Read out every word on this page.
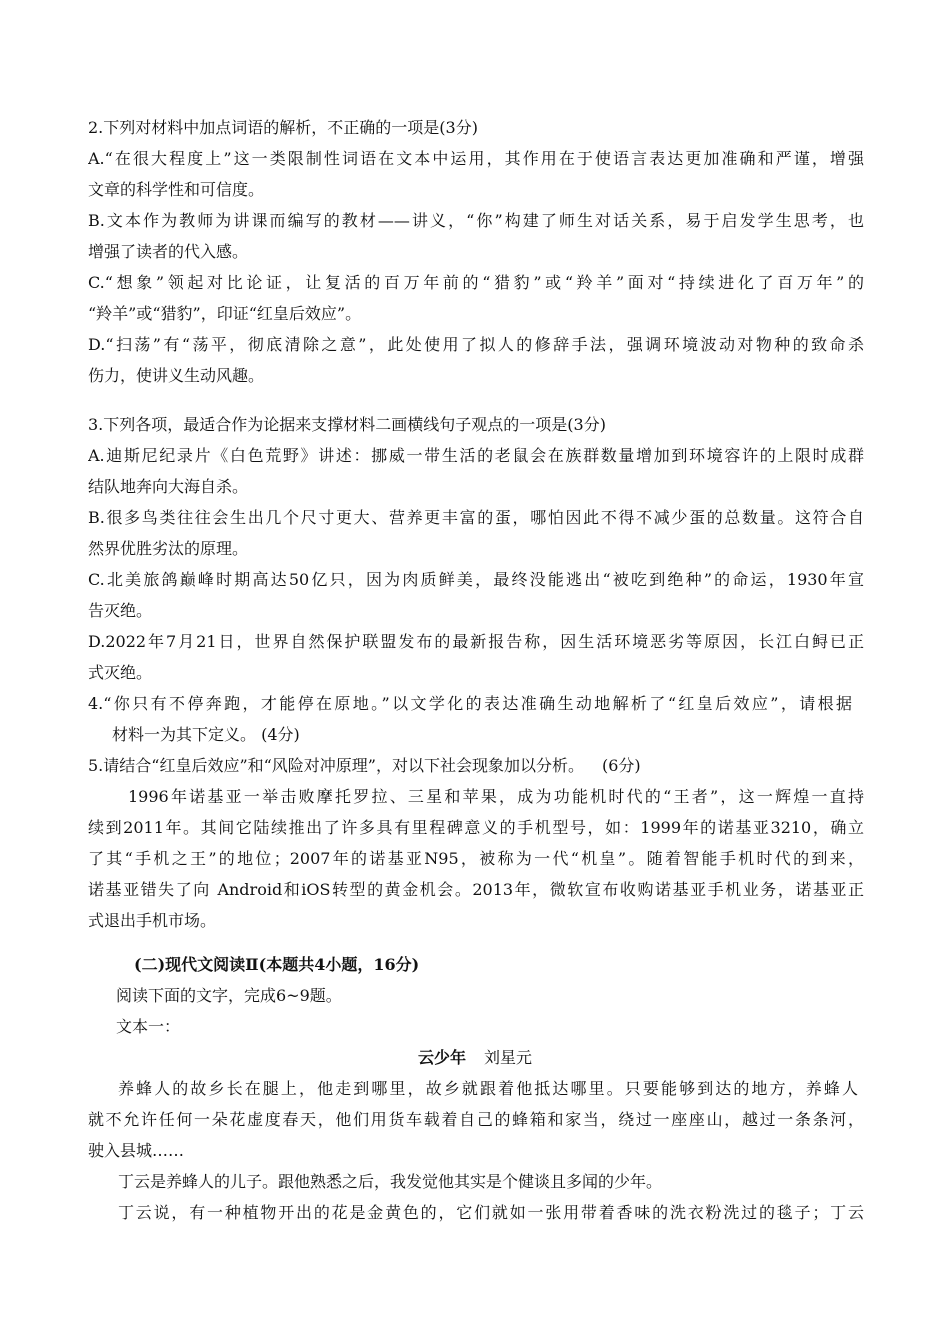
2.下列对材料中加点词语的解析，不正确的一项是(3分)
A.“在很大程度上”这一类限制性词语在文本中运用，其作用在于使语言表达更加准确和严谨，增强
文章的科学性和可信度。
B.文本作为教师为讲课而编写的教材——讲义，“你”构建了师生对话关系，易于启发学生思考，也
增强了读者的代入感。
C.“想象”领起对比论证，让复活的百万年前的“猎豹”或“羚羊”面对“持续进化了百万年”的
“羚羊”或“猎豹”，印证“红皇后效应”。
D.“扫荡”有“荡平，彻底清除之意”，此处使用了拟人的修辞手法，强调环境波动对物种的致命杀
伤力，使讲义生动风趣。
3.下列各项，最适合作为论据来支撑材料二画横线句子观点的一项是(3分)
A.迪斯尼纪录片《白色荒野》讲述：挪威一带生活的老鼠会在族群数量增加到环境容许的上限时成群
结队地奔向大海自杀。
B.很多鸟类往往会生出几个尺寸更大、营养更丰富的蛋，哪怕因此不得不减少蛋的总数量。这符合自
然界优胜劣汰的原理。
C.北美旅鸽巅峰时期高达50亿只，因为肉质鲜美，最终没能逃出“被吃到绝种”的命运，1930年宣
告灭绝。
D.2022年7月21日，世界自然保护联盟发布的最新报告称，因生活环境恶劣等原因，长江白鲟已正
式灭绝。
4.“你只有不停奔跑，才能停在原地。”以文学化的表达准确生动地解析了“红皇后效应”，请根据
材料一为其下定义。 (4分)
5.请结合“红皇后效应”和“风险对冲原理”，对以下社会现象加以分析。 (6分)
1996年诺基亚一举击败摩托罗拉、三星和苹果，成为功能机时代的“王者”，这一辉煌一直持
续到2011年。其间它陆续推出了许多具有里程碑意义的手机型号，如：1999年的诺基亚3210，确立
了其“手机之王”的地位；2007年的诺基亚N95，被称为一代“机皇”。随着智能手机时代的到来，
诺基亚错失了向 Android和iOS转型的黄金机会。2013年，微软宣布收购诺基亚手机业务，诺基亚正
式退出手机市场。
(二)现代文阅读Ⅱ(本题共4小题，16分)
阅读下面的文字，完成6~9题。
文本一：
云少年 刘星元
养蜂人的故乡长在腿上，他走到哪里，故乡就跟着他抵达哪里。只要能够到达的地方，养蜂人
就不允许任何一朵花虚度春天，他们用货车载着自己的蜂箱和家当，绕过一座座山，越过一条条河，
驶入县城……
丁云是养蜂人的儿子。跟他熟悉之后，我发觉他其实是个健谈且多闻的少年。
丁云说，有一种植物开出的花是金黄色的，它们就如一张用带着香味的洗衣粉洗过的毯子；丁云
